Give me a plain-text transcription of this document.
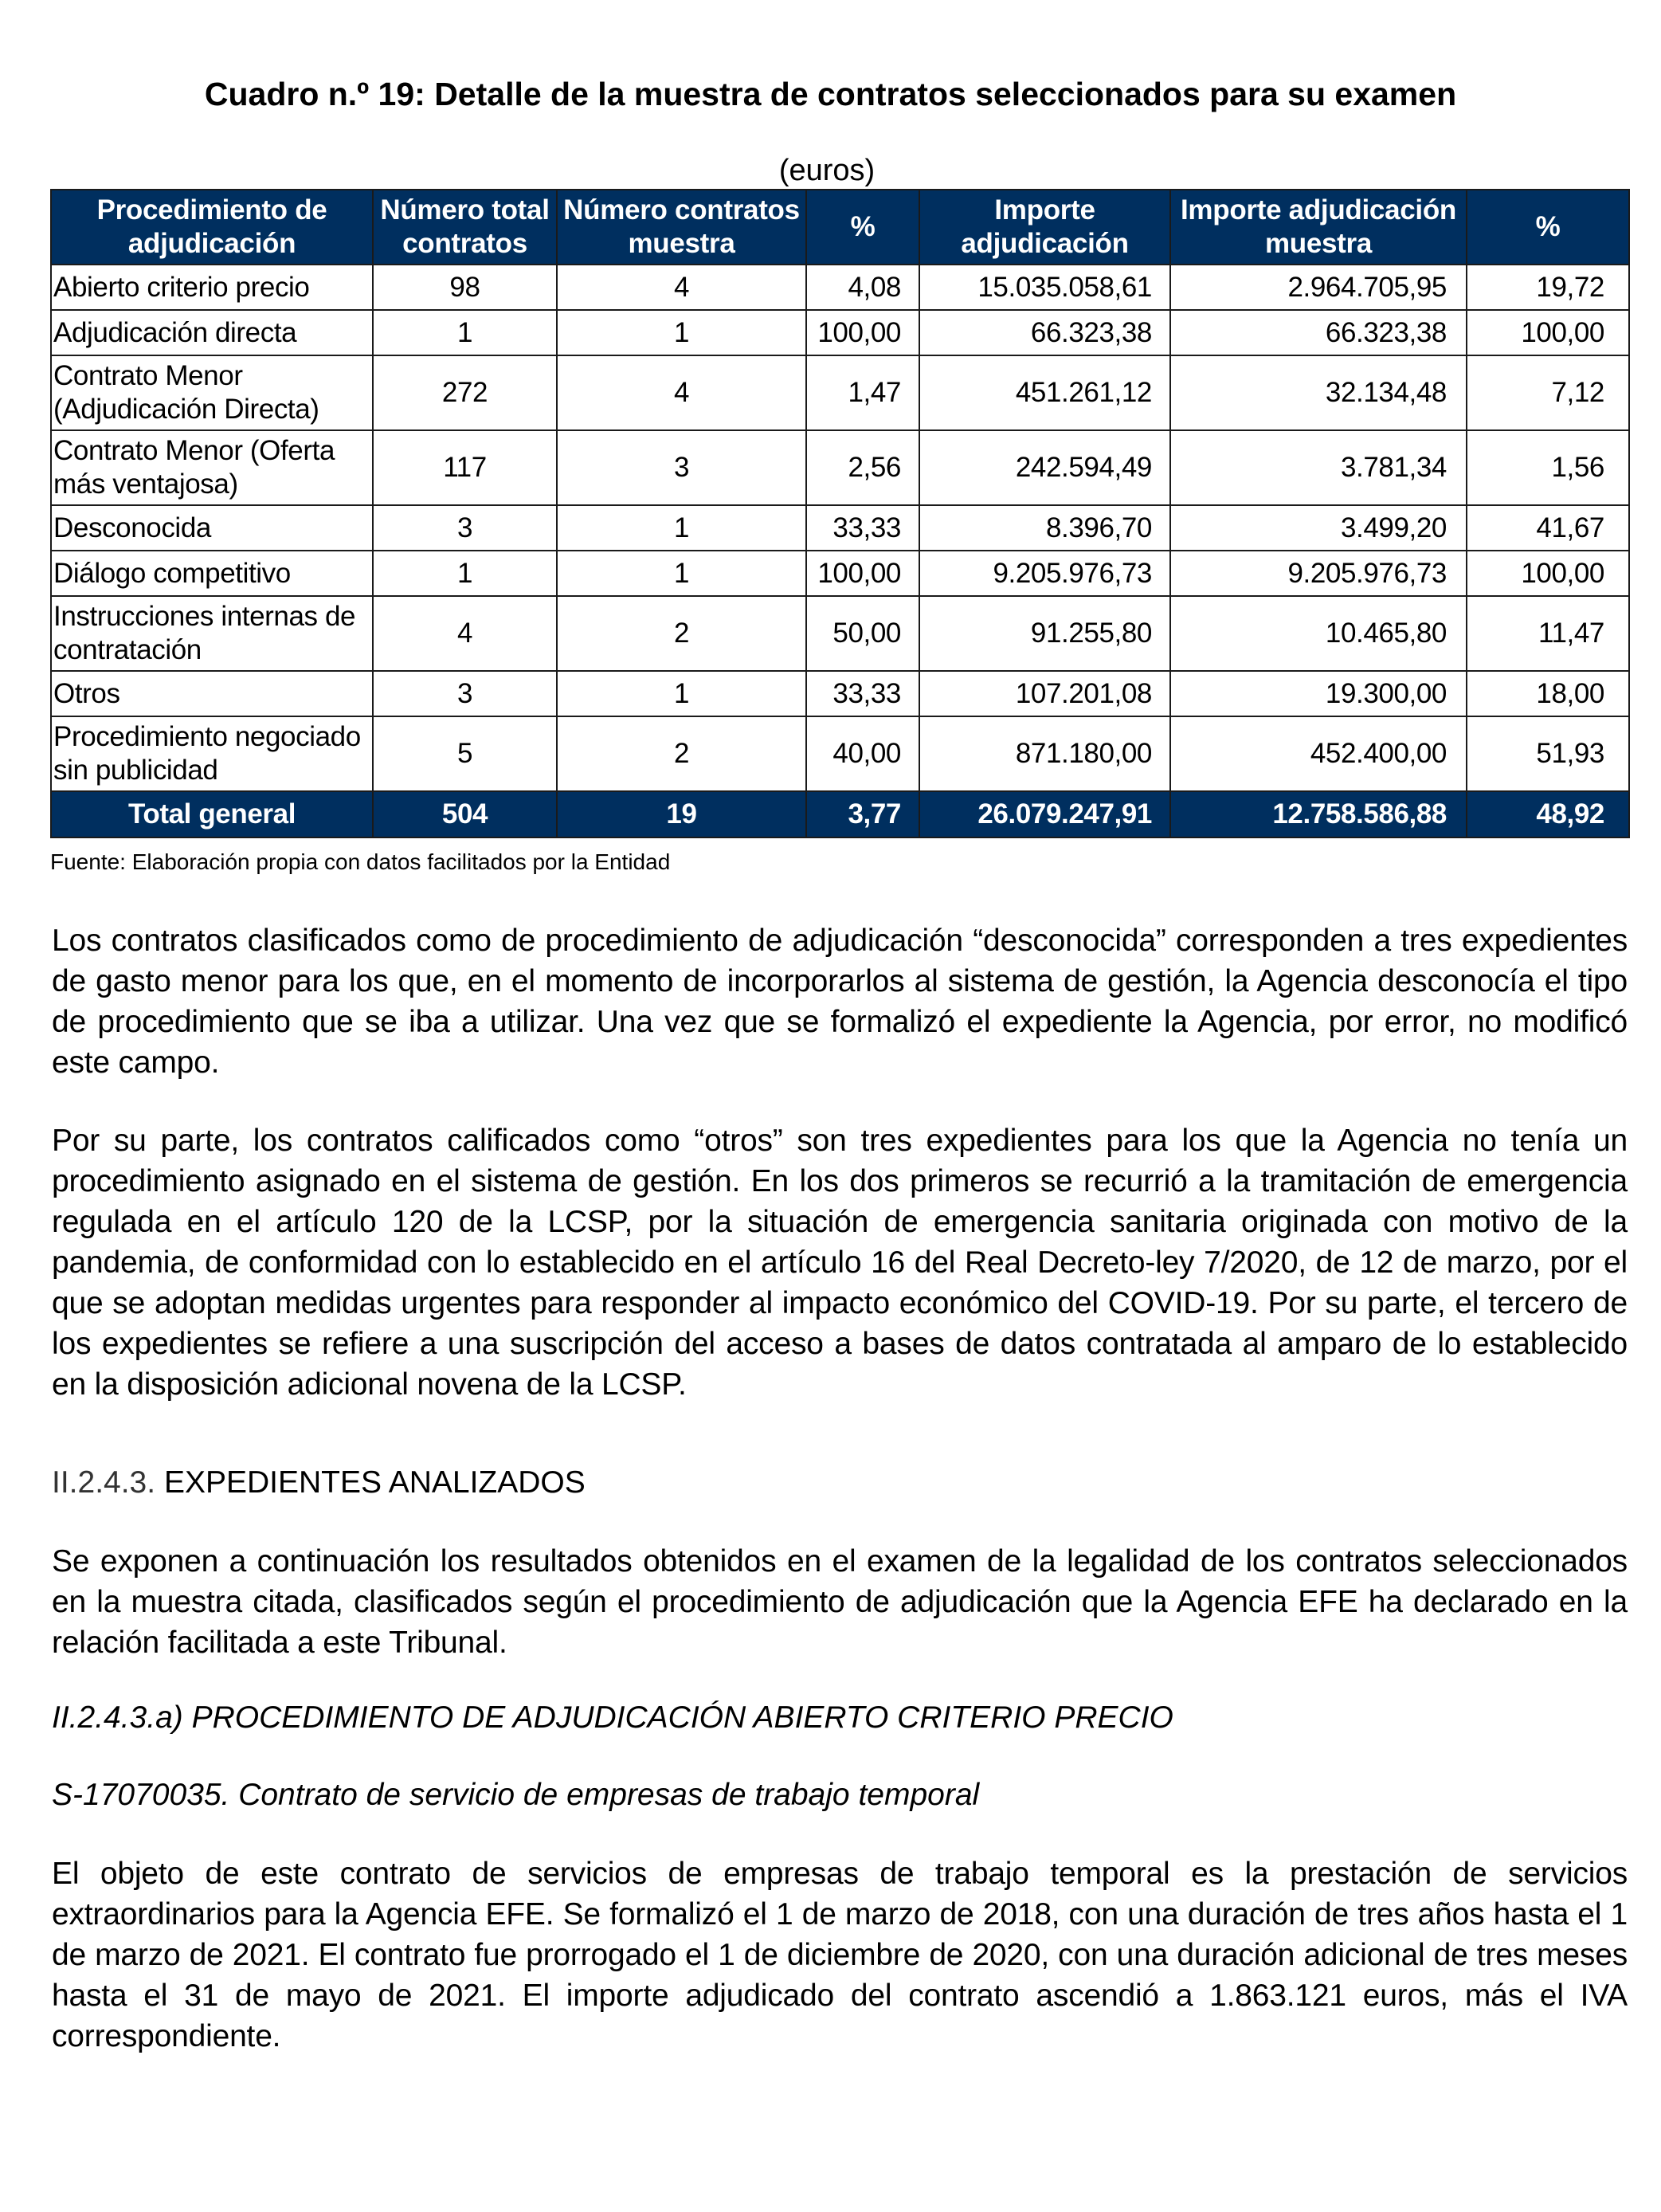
Cuadro n.º 19: Detalle de la muestra de contratos seleccionados para su examen
(euros)
Procedimiento de adjudicación	Número total contratos	Número contratos muestra	%	Importe adjudicación	Importe adjudicación muestra	%
Abierto criterio precio	98	4	4,08	15.035.058,61	2.964.705,95	19,72
Adjudicación directa	1	1	100,00	66.323,38	66.323,38	100,00
Contrato Menor (Adjudicación Directa)	272	4	1,47	451.261,12	32.134,48	7,12
Contrato Menor (Oferta más ventajosa)	117	3	2,56	242.594,49	3.781,34	1,56
Desconocida	3	1	33,33	8.396,70	3.499,20	41,67
Diálogo competitivo	1	1	100,00	9.205.976,73	9.205.976,73	100,00
Instrucciones internas de contratación	4	2	50,00	91.255,80	10.465,80	11,47
Otros	3	1	33,33	107.201,08	19.300,00	18,00
Procedimiento negociado sin publicidad	5	2	40,00	871.180,00	452.400,00	51,93
Total general	504	19	3,77	26.079.247,91	12.758.586,88	48,92
Fuente: Elaboración propia con datos facilitados por la Entidad

Los contratos clasificados como de procedimiento de adjudicación “desconocida” corresponden a tres expedientes de gasto menor para los que, en el momento de incorporarlos al sistema de gestión, la Agencia desconocía el tipo de procedimiento que se iba a utilizar. Una vez que se formalizó el expediente la Agencia, por error, no modificó este campo.

Por su parte, los contratos calificados como “otros” son tres expedientes para los que la Agencia no tenía un procedimiento asignado en el sistema de gestión. En los dos primeros se recurrió a la tramitación de emergencia regulada en el artículo 120 de la LCSP, por la situación de emergencia sanitaria originada con motivo de la pandemia, de conformidad con lo establecido en el artículo 16 del Real Decreto-ley 7/2020, de 12 de marzo, por el que se adoptan medidas urgentes para responder al impacto económico del COVID-19. Por su parte, el tercero de los expedientes se refiere a una suscripción del acceso a bases de datos contratada al amparo de lo establecido en la disposición adicional novena de la LCSP.

II.2.4.3. EXPEDIENTES ANALIZADOS

Se exponen a continuación los resultados obtenidos en el examen de la legalidad de los contratos seleccionados en la muestra citada, clasificados según el procedimiento de adjudicación que la Agencia EFE ha declarado en la relación facilitada a este Tribunal.

II.2.4.3.a) PROCEDIMIENTO DE ADJUDICACIÓN ABIERTO CRITERIO PRECIO
S-17070035. Contrato de servicio de empresas de trabajo temporal

El objeto de este contrato de servicios de empresas de trabajo temporal es la prestación de servicios extraordinarios para la Agencia EFE. Se formalizó el 1 de marzo de 2018, con una duración de tres años hasta el 1 de marzo de 2021. El contrato fue prorrogado el 1 de diciembre de 2020, con una duración adicional de tres meses hasta el 31 de mayo de 2021. El importe adjudicado del contrato ascendió a 1.863.121 euros, más el IVA correspondiente.
